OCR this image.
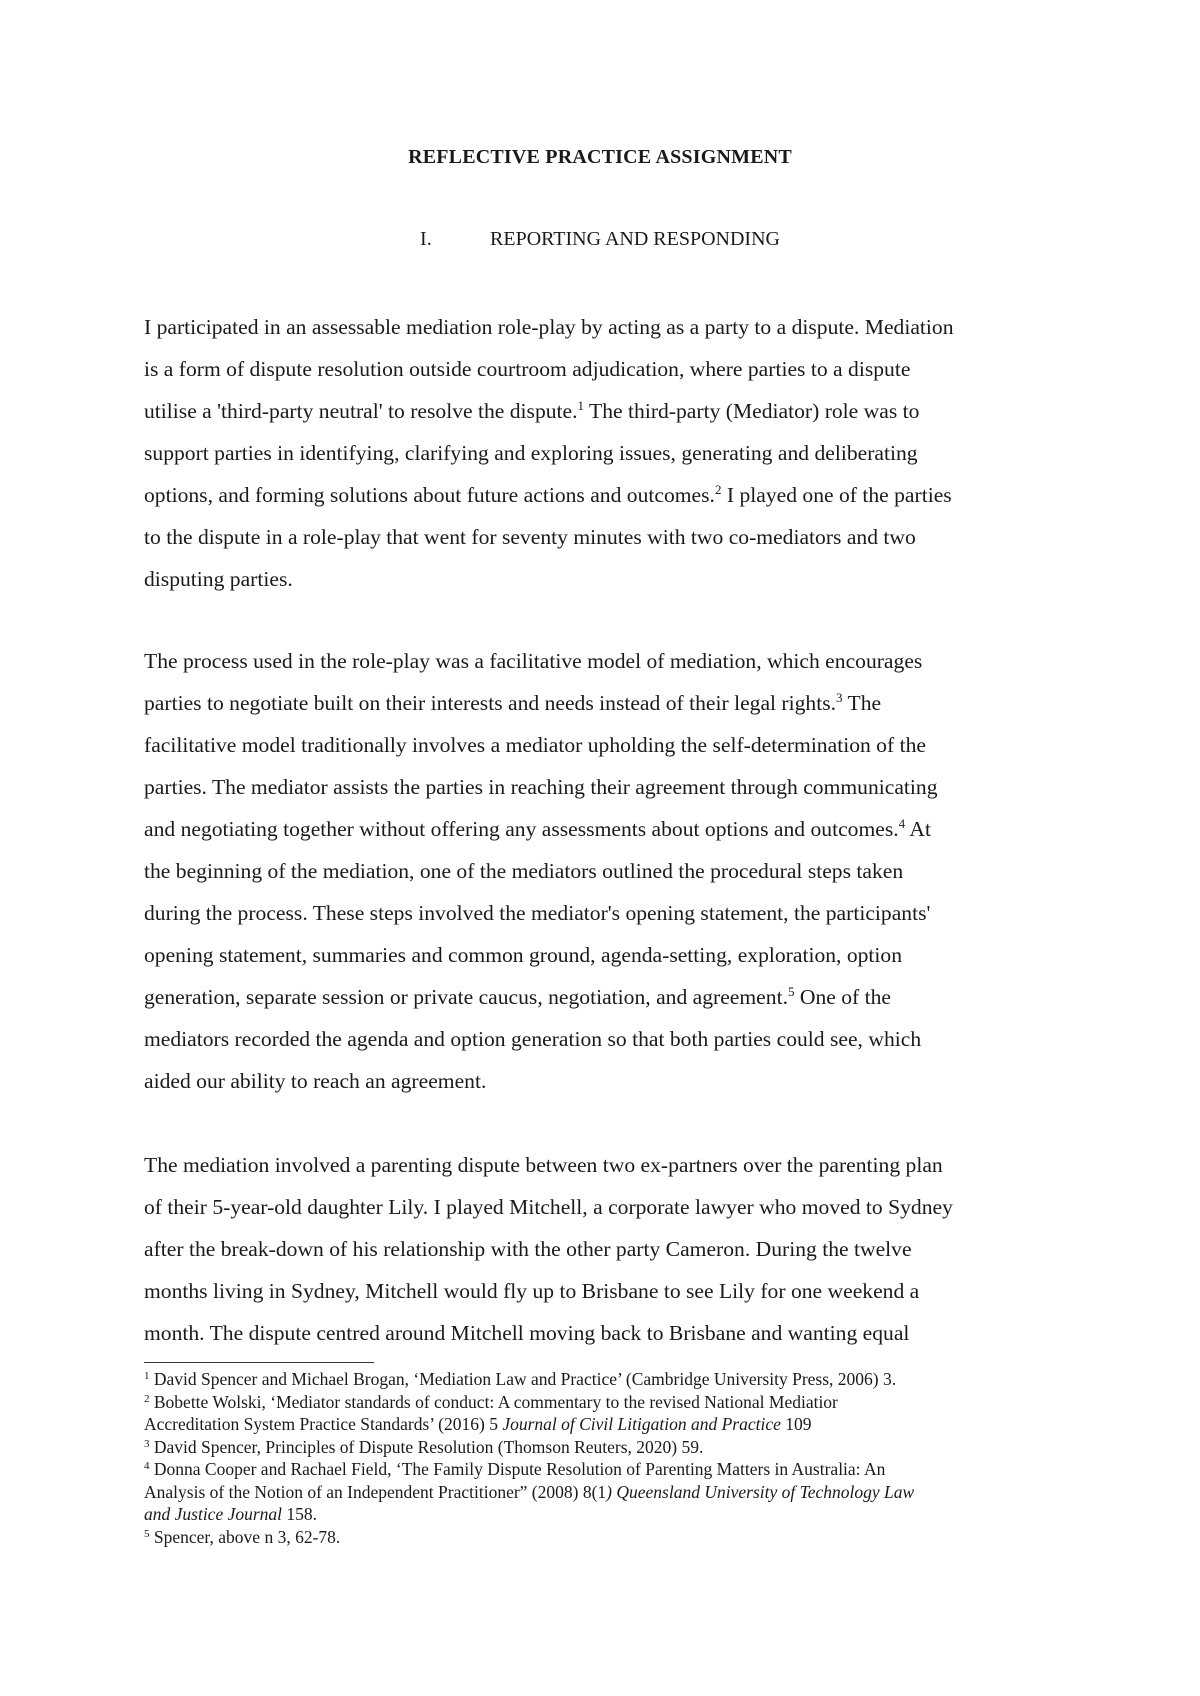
REFLECTIVE PRACTICE ASSIGNMENT
I.	REPORTING AND RESPONDING
I participated in an assessable mediation role-play by acting as a party to a dispute. Mediation
is a form of dispute resolution outside courtroom adjudication, where parties to a dispute
utilise a 'third-party neutral' to resolve the dispute.$^1$ The third-party (Mediator) role was to
support parties in identifying, clarifying and exploring issues, generating and deliberating
options, and forming solutions about future actions and outcomes.$^2$ I played one of the parties
to the dispute in a role-play that went for seventy minutes with two co-mediators and two
disputing parties.
The process used in the role-play was a facilitative model of mediation, which encourages
parties to negotiate built on their interests and needs instead of their legal rights.$^3$ The
facilitative model traditionally involves a mediator upholding the self-determination of the
parties. The mediator assists the parties in reaching their agreement through communicating
and negotiating together without offering any assessments about options and outcomes.$^4$ At
the beginning of the mediation, one of the mediators outlined the procedural steps taken
during the process. These steps involved the mediator's opening statement, the participants'
opening statement, summaries and common ground, agenda-setting, exploration, option
generation, separate session or private caucus, negotiation, and agreement.$^5$ One of the
mediators recorded the agenda and option generation so that both parties could see, which
aided our ability to reach an agreement.
The mediation involved a parenting dispute between two ex-partners over the parenting plan
of their 5-year-old daughter Lily. I played Mitchell, a corporate lawyer who moved to Sydney
after the break-down of his relationship with the other party Cameron. During the twelve
months living in Sydney, Mitchell would fly up to Brisbane to see Lily for one weekend a
month. The dispute centred around Mitchell moving back to Brisbane and wanting equal

$^1$ David Spencer and Michael Brogan, ‘Mediation Law and Practice’ (Cambridge University Press, 2006) 3.

$^2$ Bobette Wolski, ‘Mediator standards of conduct: A commentary to the revised National Mediatior
Accreditation System Practice Standards’ (2016) 5 Journal of Civil Litigation and Practice 109

$^3$ David Spencer, Principles of Dispute Resolution (Thomson Reuters, 2020) 59.

$^4$ Donna Cooper and Rachael Field, ‘The Family Dispute Resolution of Parenting Matters in Australia: An
Analysis of the Notion of an Independent Practitioner” (2008) 8(1) Queensland University of Technology Law
and Justice Journal 158.

$^5$ Spencer, above n 3, 62-78.
